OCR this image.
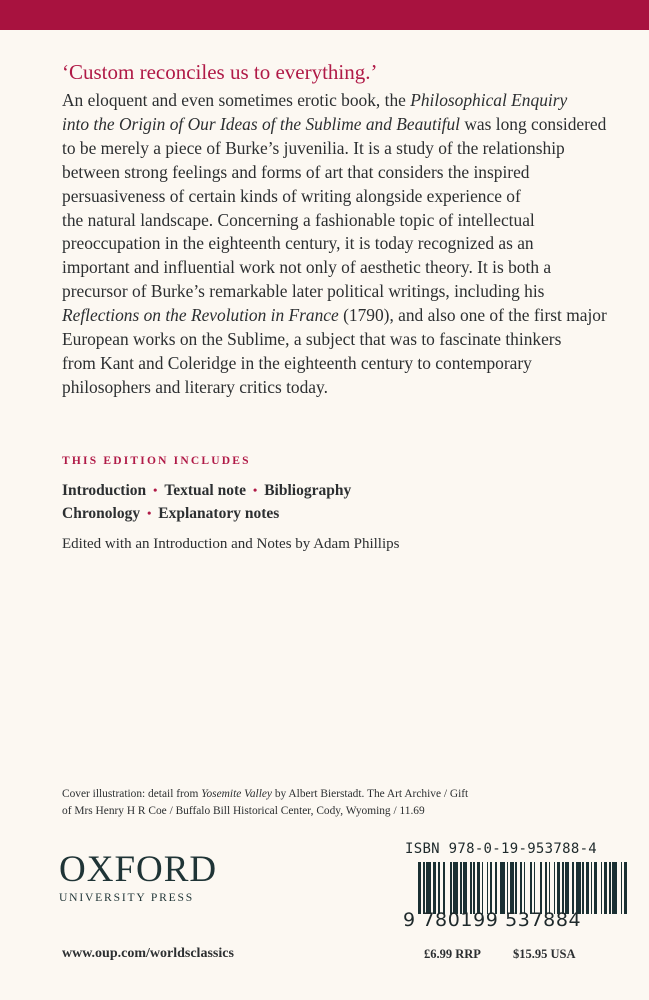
‘Custom reconciles us to everything.’
An eloquent and even sometimes erotic book, the Philosophical Enquiry
into the Origin of Our Ideas of the Sublime and Beautiful was long considered
to be merely a piece of Burke’s juvenilia. It is a study of the relationship
between strong feelings and forms of art that considers the inspired
persuasiveness of certain kinds of writing alongside experience of
the natural landscape. Concerning a fashionable topic of intellectual
preoccupation in the eighteenth century, it is today recognized as an
important and influential work not only of aesthetic theory. It is both a
precursor of Burke’s remarkable later political writings, including his
Reflections on the Revolution in France (1790), and also one of the first major
European works on the Sublime, a subject that was to fascinate thinkers
from Kant and Coleridge in the eighteenth century to contemporary
philosophers and literary critics today.
THIS EDITION INCLUDES
Introduction • Textual note • Bibliography
Chronology • Explanatory notes
Edited with an Introduction and Notes by Adam Phillips
Cover illustration: detail from Yosemite Valley by Albert Bierstadt. The Art Archive / Gift
of Mrs Henry H R Coe / Buffalo Bill Historical Center, Cody, Wyoming / 11.69
OXFORD
UNIVERSITY PRESS
ISBN 978-0-19-953788-4
9 780199 537884
www.oup.com/worldsclassics	£6.99 RRP	$15.95 USA
